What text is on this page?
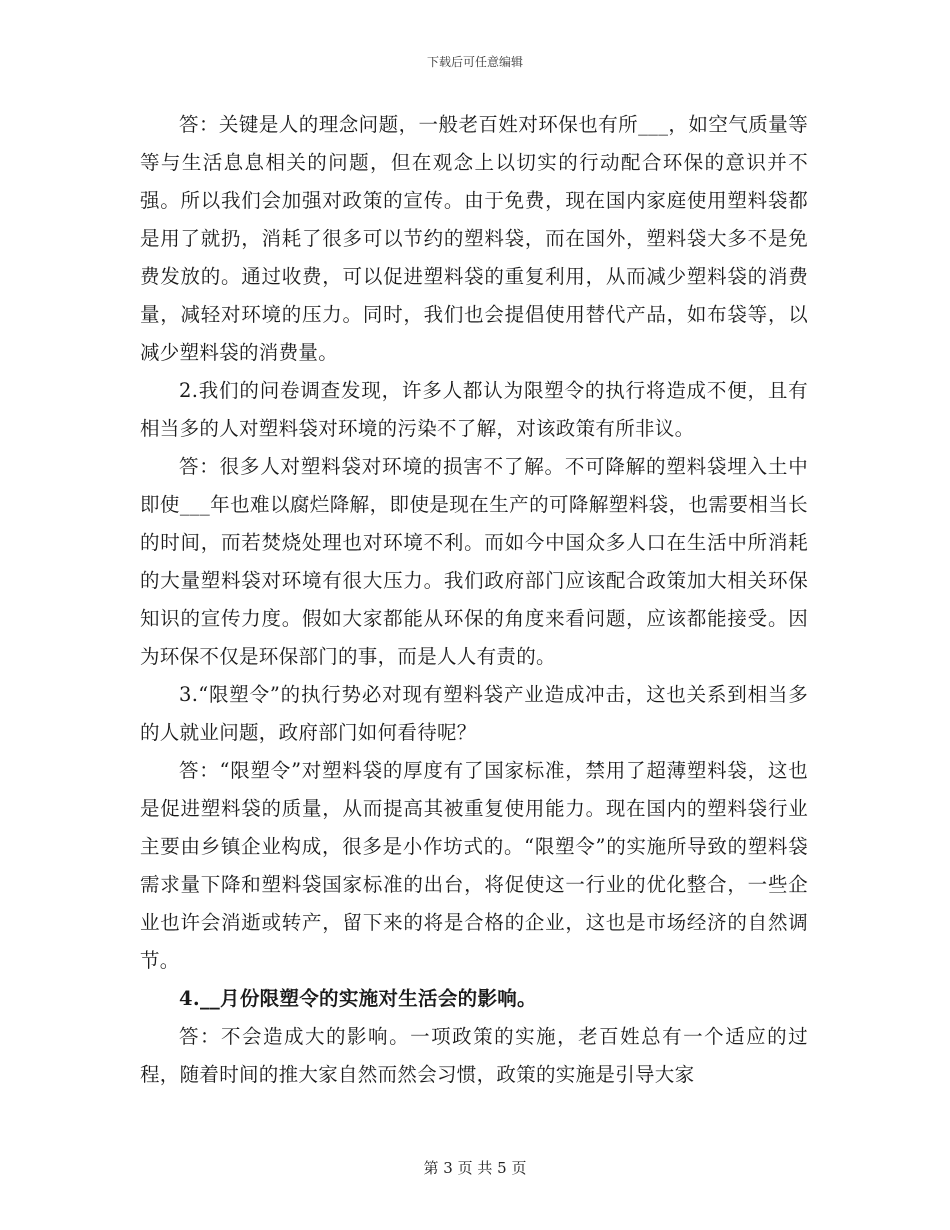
下载后可任意编辑

答：关键是人的理念问题，一般老百姓对环保也有所___，如空气质量等等与生活息息相关的问题，但在观念上以切实的行动配合环保的意识并不强。所以我们会加强对政策的宣传。由于免费，现在国内家庭使用塑料袋都是用了就扔，消耗了很多可以节约的塑料袋，而在国外，塑料袋大多不是免费发放的。通过收费，可以促进塑料袋的重复利用，从而减少塑料袋的消费量，减轻对环境的压力。同时，我们也会提倡使用替代产品，如布袋等，以减少塑料袋的消费量。

2.我们的问卷调查发现，许多人都认为限塑令的执行将造成不便，且有相当多的人对塑料袋对环境的污染不了解，对该政策有所非议。

答：很多人对塑料袋对环境的损害不了解。不可降解的塑料袋埋入土中即使___年也难以腐烂降解，即使是现在生产的可降解塑料袋，也需要相当长的时间，而若焚烧处理也对环境不利。而如今中国众多人口在生活中所消耗的大量塑料袋对环境有很大压力。我们政府部门应该配合政策加大相关环保知识的宣传力度。假如大家都能从环保的角度来看问题，应该都能接受。因为环保不仅是环保部门的事，而是人人有责的。

3.“限塑令”的执行势必对现有塑料袋产业造成冲击，这也关系到相当多的人就业问题，政府部门如何看待呢？

答：“限塑令”对塑料袋的厚度有了国家标准，禁用了超薄塑料袋，这也是促进塑料袋的质量，从而提高其被重复使用能力。现在国内的塑料袋行业主要由乡镇企业构成，很多是小作坊式的。“限塑令”的实施所导致的塑料袋需求量下降和塑料袋国家标准的出台，将促使这一行业的优化整合，一些企业也许会消逝或转产，留下来的将是合格的企业，这也是市场经济的自然调节。

4.__月份限塑令的实施对生活会的影响。

答：不会造成大的影响。一项政策的实施，老百姓总有一个适应的过程，随着时间的推大家自然而然会习惯，政策的实施是引导大家

第 3 页 共 5 页
